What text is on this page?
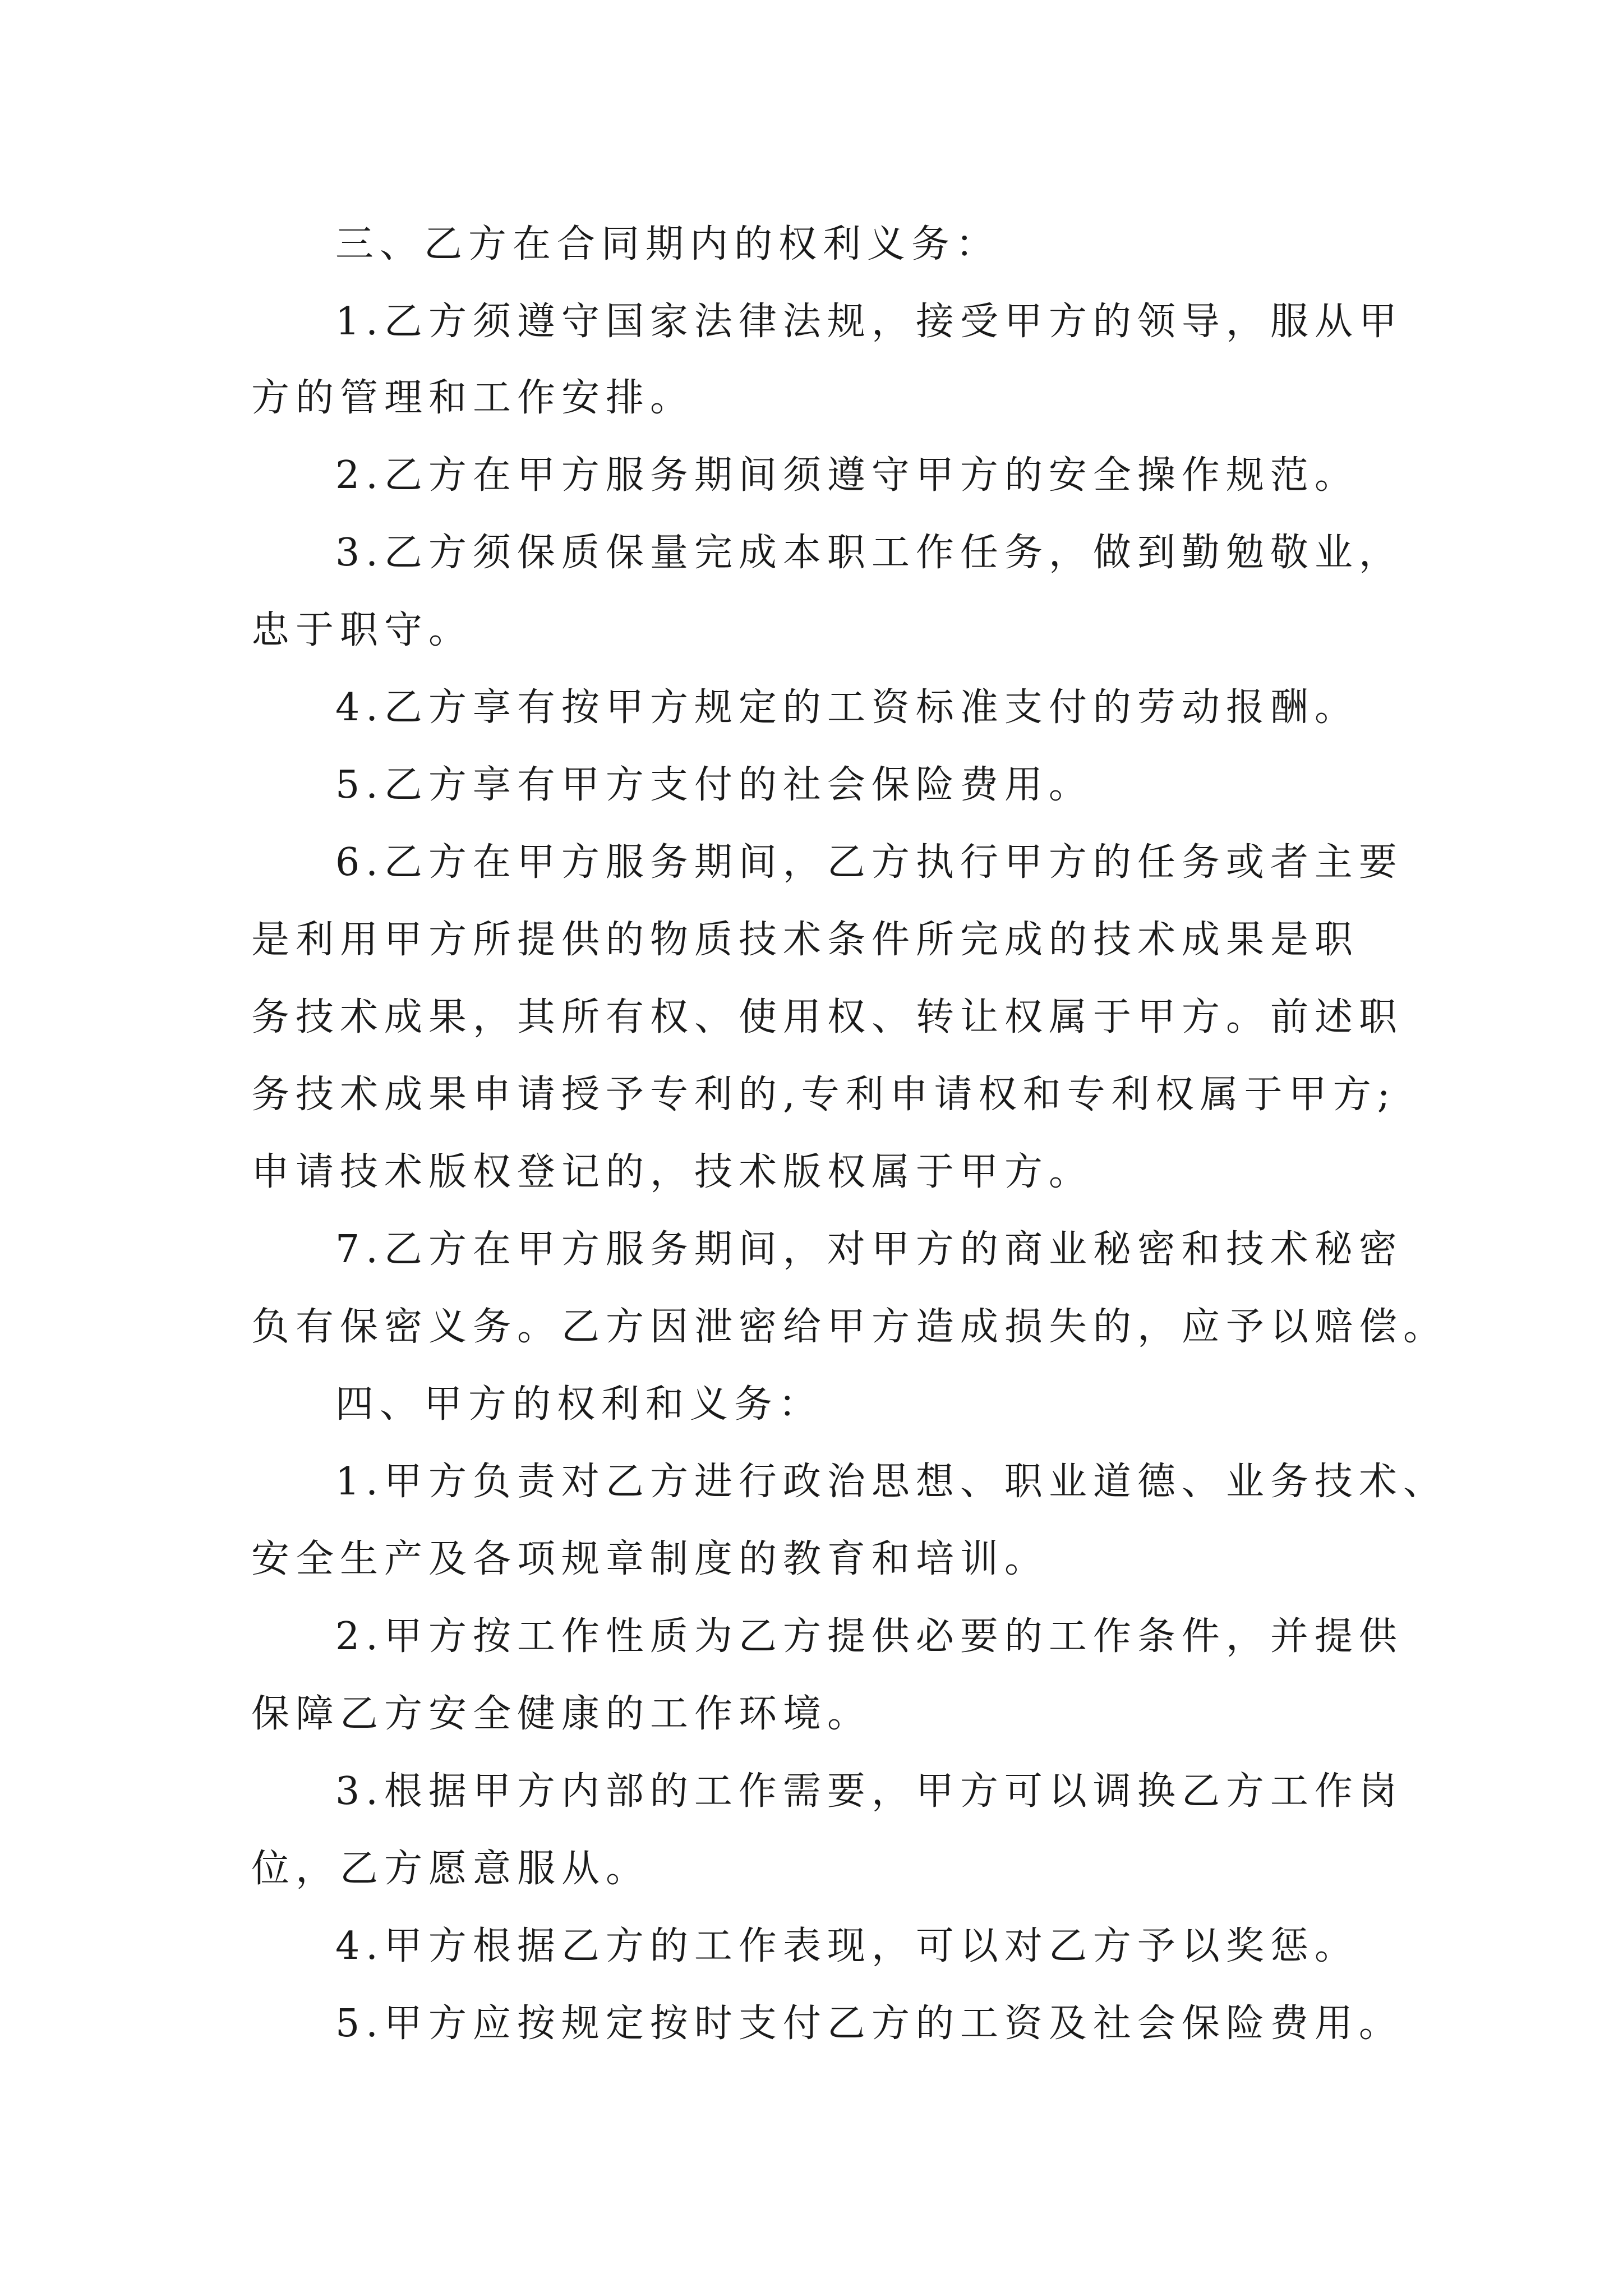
三、乙方在合同期内的权利义务：
1.乙方须遵守国家法律法规，接受甲方的领导，服从甲
方的管理和工作安排。
2.乙方在甲方服务期间须遵守甲方的安全操作规范。
3.乙方须保质保量完成本职工作任务，做到勤勉敬业，
忠于职守。
4.乙方享有按甲方规定的工资标准支付的劳动报酬。
5.乙方享有甲方支付的社会保险费用。
6.乙方在甲方服务期间，乙方执行甲方的任务或者主要
是利用甲方所提供的物质技术条件所完成的技术成果是职
务技术成果，其所有权、使用权、转让权属于甲方。前述职
务技术成果申请授予专利的,专利申请权和专利权属于甲方;
申请技术版权登记的，技术版权属于甲方。
7.乙方在甲方服务期间，对甲方的商业秘密和技术秘密
负有保密义务。乙方因泄密给甲方造成损失的，应予以赔偿。
四、甲方的权利和义务：
1.甲方负责对乙方进行政治思想、职业道德、业务技术、
安全生产及各项规章制度的教育和培训。
2.甲方按工作性质为乙方提供必要的工作条件，并提供
保障乙方安全健康的工作环境。
3.根据甲方内部的工作需要，甲方可以调换乙方工作岗
位，乙方愿意服从。
4.甲方根据乙方的工作表现，可以对乙方予以奖惩。
5.甲方应按规定按时支付乙方的工资及社会保险费用。
